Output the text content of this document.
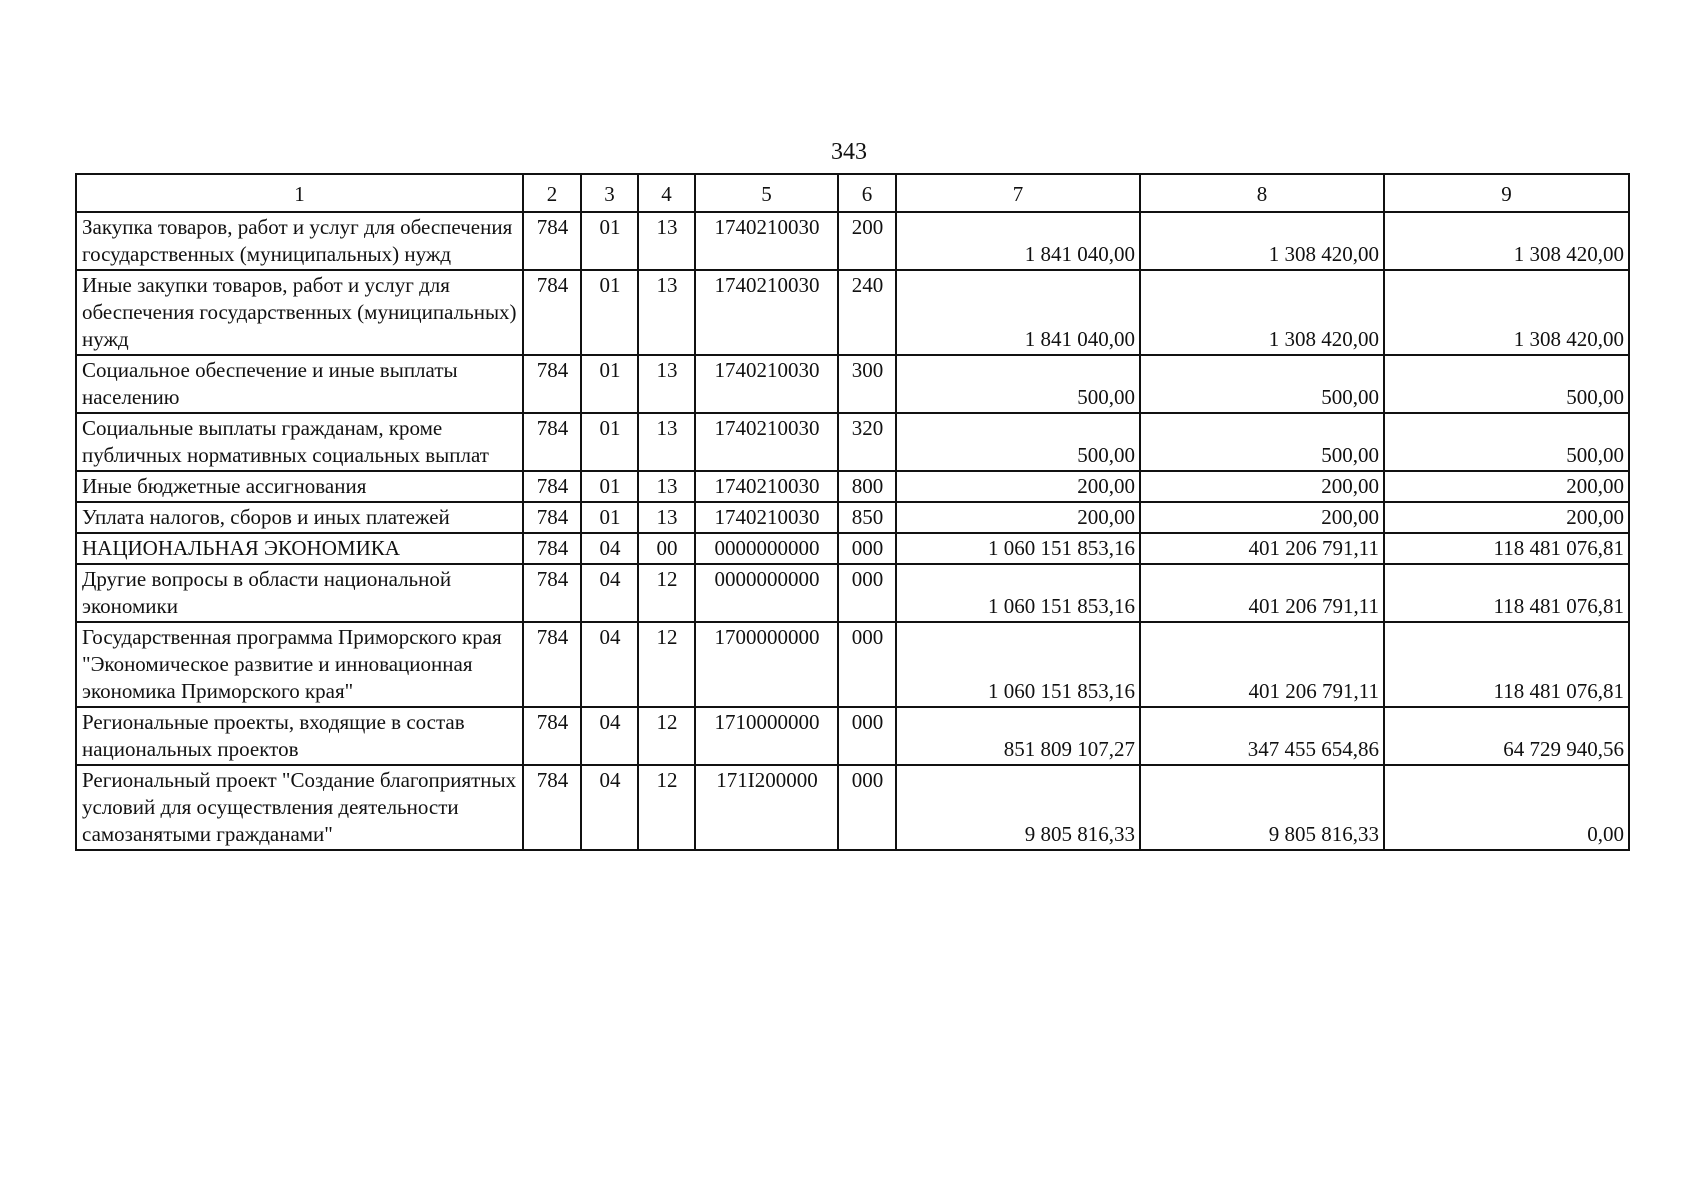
343
1	2	3	4	5	6	7	8	9
Закупка товаров, работ и услуг для обеспечения государственных (муниципальных) нужд	784	01	13	1740210030	200	1 841 040,00	1 308 420,00	1 308 420,00
Иные закупки товаров, работ и услуг для обеспечения государственных (муниципальных) нужд	784	01	13	1740210030	240	1 841 040,00	1 308 420,00	1 308 420,00
Социальное обеспечение и иные выплаты населению	784	01	13	1740210030	300	500,00	500,00	500,00
Социальные выплаты гражданам, кроме публичных нормативных социальных выплат	784	01	13	1740210030	320	500,00	500,00	500,00
Иные бюджетные ассигнования	784	01	13	1740210030	800	200,00	200,00	200,00
Уплата налогов, сборов и иных платежей	784	01	13	1740210030	850	200,00	200,00	200,00
НАЦИОНАЛЬНАЯ ЭКОНОМИКА	784	04	00	0000000000	000	1 060 151 853,16	401 206 791,11	118 481 076,81
Другие вопросы в области национальной экономики	784	04	12	0000000000	000	1 060 151 853,16	401 206 791,11	118 481 076,81
Государственная программа Приморского края "Экономическое развитие и инновационная экономика Приморского края"	784	04	12	1700000000	000	1 060 151 853,16	401 206 791,11	118 481 076,81
Региональные проекты, входящие в состав национальных проектов	784	04	12	1710000000	000	851 809 107,27	347 455 654,86	64 729 940,56
Региональный проект "Создание благоприятных условий для осуществления деятельности самозанятыми гражданами"	784	04	12	171I200000	000	9 805 816,33	9 805 816,33	0,00
